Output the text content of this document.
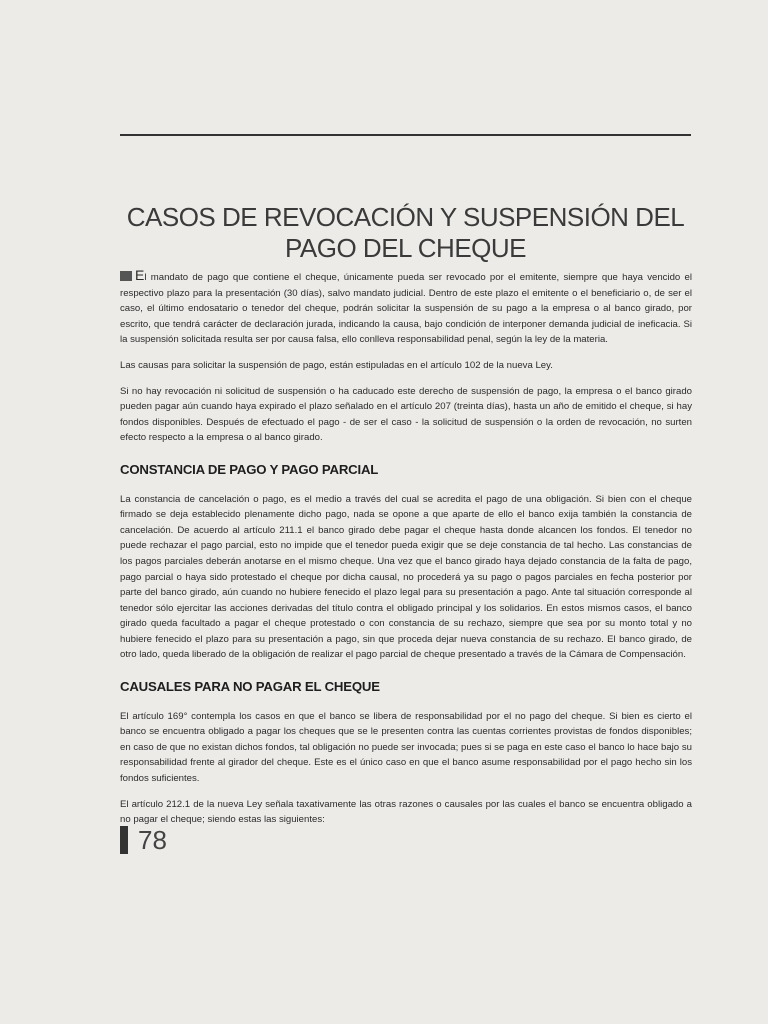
CASOS DE REVOCACIÓN Y SUSPENSIÓN DEL
PAGO DEL CHEQUE

El mandato de pago que contiene el cheque, únicamente pueda ser revocado por el emitente, siempre que haya vencido el respectivo plazo para la presentación (30 días), salvo mandato judicial. Dentro de este plazo el emitente o el beneficiario o, de ser el caso, el último endosatario o tenedor del cheque, podrán solicitar la suspensión de su pago a la empresa o al banco girado, por escrito, que tendrá carácter de declaración jurada, indicando la causa, bajo condición de interponer demanda judicial de ineficacia. Si la suspensión solicitada resulta ser por causa falsa, ello conlleva responsabilidad penal, según la ley de la materia.

Las causas para solicitar la suspensión de pago, están estipuladas en el artículo 102 de la nueva Ley.

Si no hay revocación ni solicitud de suspensión o ha caducado este derecho de suspensión de pago, la empresa o el banco girado pueden pagar aún cuando haya expirado el plazo señalado en el artículo 207 (treinta días), hasta un año de emitido el cheque, si hay fondos disponibles. Después de efectuado el pago - de ser el caso - la solicitud de suspensión o la orden de revocación, no surten efecto respecto a la empresa o al banco girado.

CONSTANCIA DE PAGO Y PAGO PARCIAL

La constancia de cancelación o pago, es el medio a través del cual se acredita el pago de una obligación. Si bien con el cheque firmado se deja establecido plenamente dicho pago, nada se opone a que aparte de ello el banco exija también la constancia de cancelación. De acuerdo al artículo 211.1 el banco girado debe pagar el cheque hasta donde alcancen los fondos. El tenedor no puede rechazar el pago parcial, esto no impide que el tenedor pueda exigir que se deje constancia de tal hecho. Las constancias de los pagos parciales deberán anotarse en el mismo cheque. Una vez que el banco girado haya dejado constancia de la falta de pago, pago parcial o haya sido protestado el cheque por dicha causal, no procederá ya su pago o pagos parciales en fecha posterior por parte del banco girado, aún cuando no hubiere fenecido el plazo legal para su presentación a pago. Ante tal situación corresponde al tenedor sólo ejercitar las acciones derivadas del título contra el obligado principal y los solidarios. En estos mismos casos, el banco girado queda facultado a pagar el cheque protestado o con constancia de su rechazo, siempre que sea por su monto total y no hubiere fenecido el plazo para su presentación a pago, sin que proceda dejar nueva constancia de su rechazo. El banco girado, de otro lado, queda liberado de la obligación de realizar el pago parcial de cheque presentado a través de la Cámara de Compensación.

CAUSALES PARA NO PAGAR EL CHEQUE

El artículo 169° contempla los casos en que el banco se libera de responsabilidad por el no pago del cheque. Si bien es cierto el banco se encuentra obligado a pagar los cheques que se le presenten contra las cuentas corrientes provistas de fondos disponibles; en caso de que no existan dichos fondos, tal obligación no puede ser invocada; pues si se paga en este caso el banco lo hace bajo su responsabilidad frente al girador del cheque. Este es el único caso en que el banco asume responsabilidad por el pago hecho sin los fondos suficientes.

El artículo 212.1 de la nueva Ley señala taxativamente las otras razones o causales por las cuales el banco se encuentra obligado a no pagar el cheque; siendo estas las siguientes:

78
